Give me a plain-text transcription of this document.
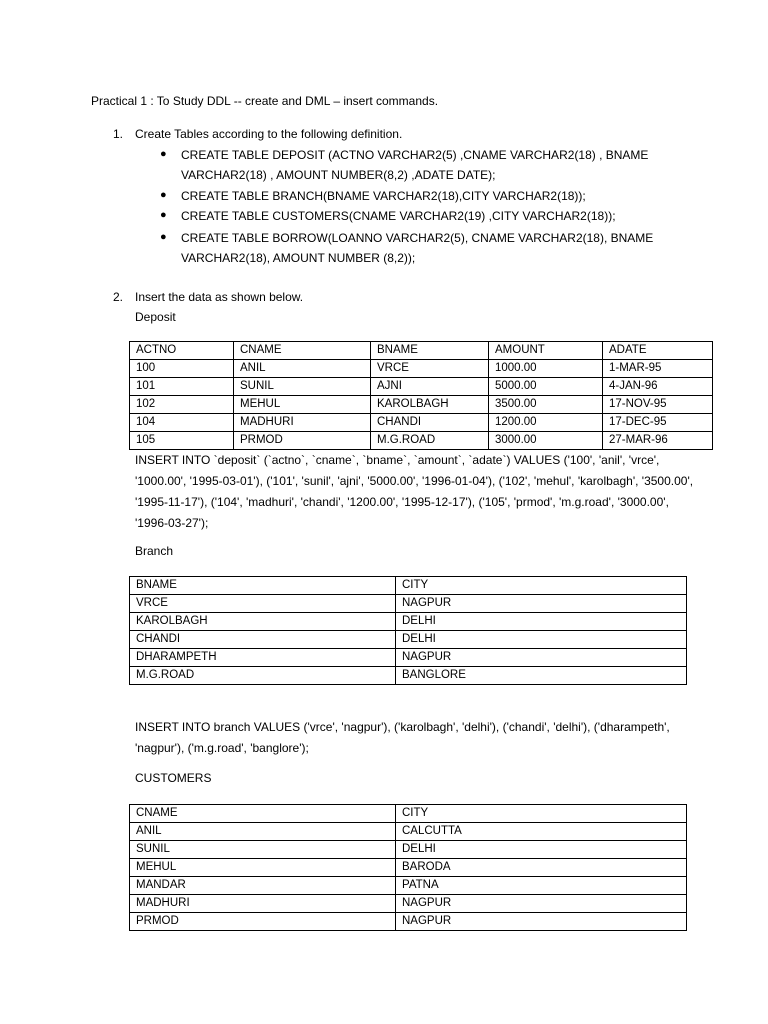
Practical 1 : To Study DDL -- create and DML – insert commands.
1. Create Tables according to the following definition.
● CREATE TABLE DEPOSIT (ACTNO VARCHAR2(5) ,CNAME VARCHAR2(18) , BNAME
VARCHAR2(18) , AMOUNT NUMBER(8,2) ,ADATE DATE);
● CREATE TABLE BRANCH(BNAME VARCHAR2(18),CITY VARCHAR2(18));
● CREATE TABLE CUSTOMERS(CNAME VARCHAR2(19) ,CITY VARCHAR2(18));
● CREATE TABLE BORROW(LOANNO VARCHAR2(5), CNAME VARCHAR2(18), BNAME
VARCHAR2(18), AMOUNT NUMBER (8,2));
2. Insert the data as shown below.
Deposit
ACTNO	CNAME	BNAME	AMOUNT	ADATE
100	ANIL	VRCE	1000.00	1-MAR-95
101	SUNIL	AJNI	5000.00	4-JAN-96
102	MEHUL	KAROLBAGH	3500.00	17-NOV-95
104	MADHURI	CHANDI	1200.00	17-DEC-95
105	PRMOD	M.G.ROAD	3000.00	27-MAR-96
INSERT INTO `deposit` (`actno`, `cname`, `bname`, `amount`, `adate`) VALUES ('100', 'anil', 'vrce', '1000.00', '1995-03-01'), ('101', 'sunil', 'ajni', '5000.00', '1996-01-04'), ('102', 'mehul', 'karolbagh', '3500.00', '1995-11-17'), ('104', 'madhuri', 'chandi', '1200.00', '1995-12-17'), ('105', 'prmod', 'm.g.road', '3000.00', '1996-03-27');
Branch
BNAME	CITY
VRCE	NAGPUR
KAROLBAGH	DELHI
CHANDI	DELHI
DHARAMPETH	NAGPUR
M.G.ROAD	BANGLORE
INSERT INTO branch VALUES ('vrce', 'nagpur'), ('karolbagh', 'delhi'), ('chandi', 'delhi'), ('dharampeth', 'nagpur'), ('m.g.road', 'banglore');
CUSTOMERS
CNAME	CITY
ANIL	CALCUTTA
SUNIL	DELHI
MEHUL	BARODA
MANDAR	PATNA
MADHURI	NAGPUR
PRMOD	NAGPUR
